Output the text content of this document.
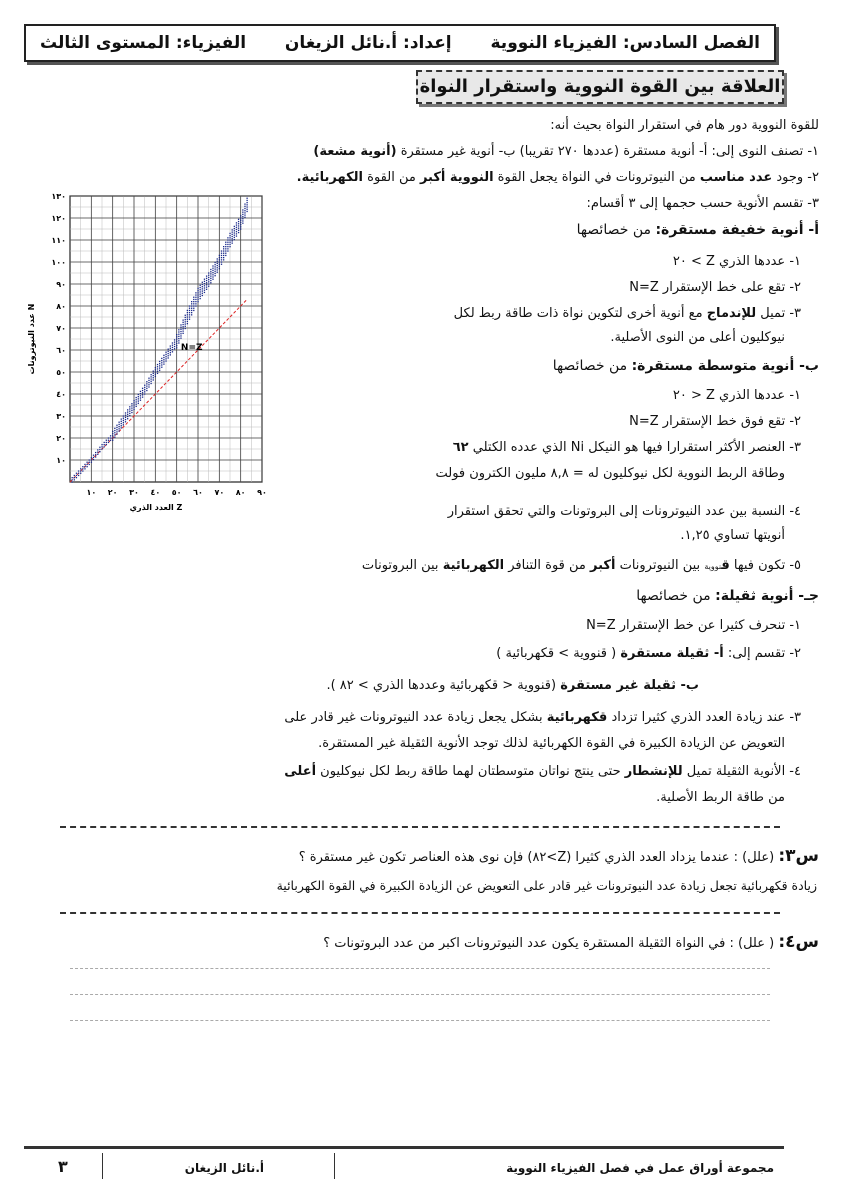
الفصل السادس: الفيزياء النووية
إعداد: أ.نائل الزيغان
الفيزياء: المستوى الثالث
العلاقة بين القوة النووية واستقرار النواة
للقوة النووية دور هام في استقرار النواة بحيث أنه:
١- تصنف النوى إلى: أ- أنوية مستقرة (عددها ٢٧٠ تقريبا) ب- أنوية غير مستقرة (أنوية مشعة)
٢- وجود عدد مناسب من النيوترونات في النواة يجعل القوة النووية أكبر من القوة الكهربائية.
٣- تقسم الأنوية حسب حجمها إلى ٣ أقسام:
أ- أنوية خفيفة مستقرة: من خصائصها
١- عددها الذري Z > ٢٠
٢- تقع على خط الإستقرار N=Z
٣- تميل للإندماج مع أنوية أخرى لتكوين نواة ذات طاقة ربط لكل
نيوكليون أعلى من النوى الأصلية.
ب- أنوية متوسطة مستقرة: من خصائصها
١- عددها الذري Z < ٢٠
٢- تقع فوق خط الإستقرار N=Z
٣- العنصر الأكثر استقرارا فيها هو النيكل Ni الذي عدده الكتلي ٦٢
وطاقة الربط النووية لكل نيوكليون له = ٨,٨ مليون الكترون فولت
٤- النسبة بين عدد النيوترونات إلى البروتونات والتي تحقق استقرار
أنويتها تساوي ١,٢٥.
٥- تكون فيها قنووية بين النيوترونات أكبر من قوة التنافر الكهربائية بين البروتونات
جـ- أنوية ثقيلة: من خصائصها
١- تنحرف كثيرا عن خط الإستقرار N=Z
٢- تقسم إلى: أ- ثقيلة مستقرة ( قنووية > قكهربائية )
ب- ثقيلة غير مستقرة (قنووية < قكهربائية وعددها الذري > ٨٢ ).
٣- عند زيادة العدد الذري كثيرا تزداد قكهربائية بشكل يجعل زيادة عدد النيوترونات غير قادر على
التعويض عن الزيادة الكبيرة في القوة الكهربائية لذلك توجد الأنوية الثقيلة غير المستقرة.
٤- الأنوية الثقيلة تميل للإنشطار حتى ينتج نواتان متوسطتان لهما طاقة ربط لكل نيوكليون أعلى
من طاقة الربط الأصلية.
س٣: (علل) : عندما يزداد العدد الذري كثيرا (Z>٨٢) فإن نوى هذه العناصر تكون غير مستقرة ؟
زيادة قكهربائية تجعل زيادة عدد النيوترونات غير قادر على التعويض عن الزيادة الكبيرة في القوة الكهربائية
س٤: ( علل) : في النواة الثقيلة المستقرة يكون عدد النيوترونات اكبر من عدد البروتونات ؟
مجموعة أوراق عمل في فصل الفيزياء النووية
أ.نائل الزيغان
٣
١٠ ٢٠ ٣٠ ٤٠ ٥٠ ٦٠ ٧٠ ٨٠ ٩٠
١٠
٢٠
٣٠
٤٠
٥٠
٦٠
٧٠
٨٠
٩٠
١٠٠
١١٠
١٢٠
١٣٠
العدد الذري Z
عدد النيوترونات N
N=Z
